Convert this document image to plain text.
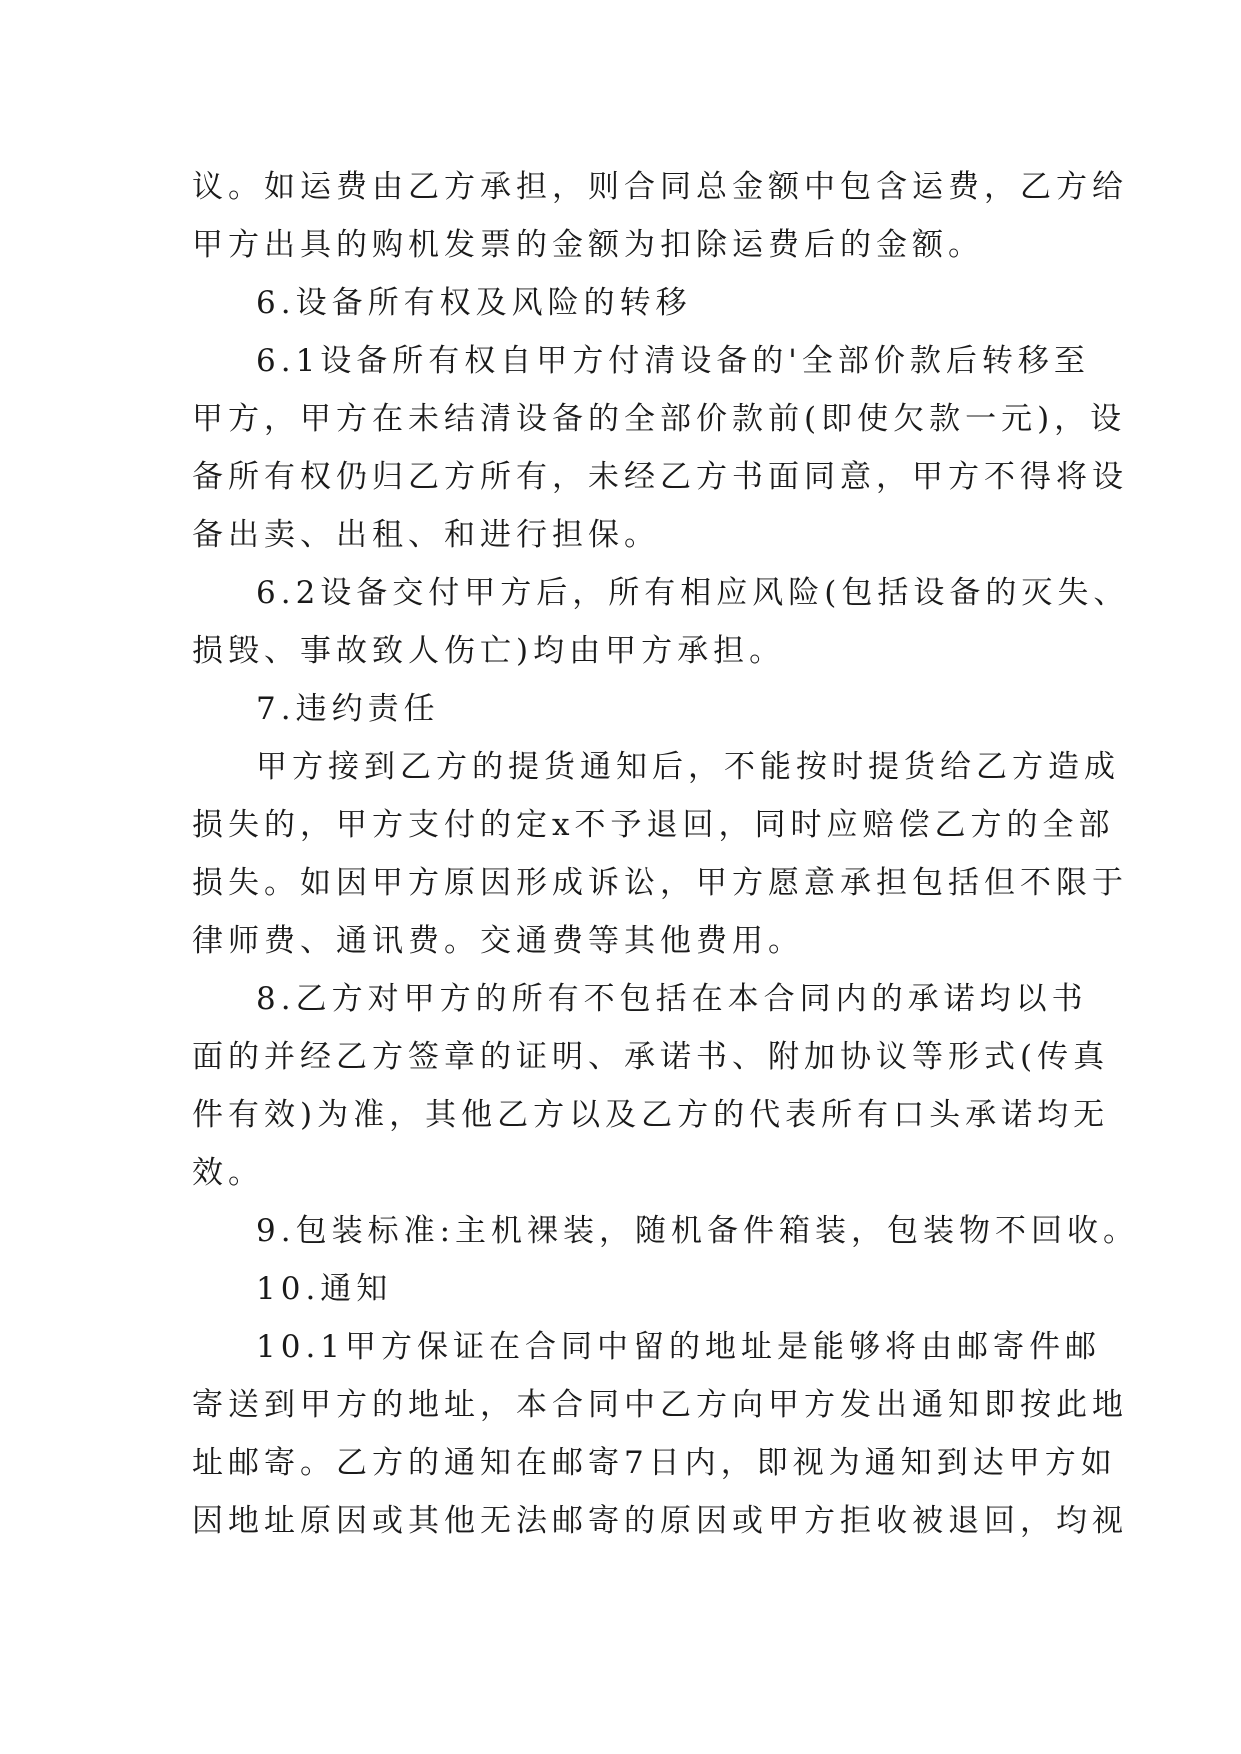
议。如运费由乙方承担，则合同总金额中包含运费，乙方给
甲方出具的购机发票的金额为扣除运费后的金额。
6.设备所有权及风险的转移
6.1设备所有权自甲方付清设备的'全部价款后转移至
甲方，甲方在未结清设备的全部价款前(即使欠款一元)，设
备所有权仍归乙方所有，未经乙方书面同意，甲方不得将设
备出卖、出租、和进行担保。
6.2设备交付甲方后，所有相应风险(包括设备的灭失、
损毁、事故致人伤亡)均由甲方承担。
7.违约责任
甲方接到乙方的提货通知后，不能按时提货给乙方造成
损失的，甲方支付的定x不予退回，同时应赔偿乙方的全部
损失。如因甲方原因形成诉讼，甲方愿意承担包括但不限于
律师费、通讯费。交通费等其他费用。
8.乙方对甲方的所有不包括在本合同内的承诺均以书
面的并经乙方签章的证明、承诺书、附加协议等形式(传真
件有效)为准，其他乙方以及乙方的代表所有口头承诺均无
效。
9.包装标准:主机裸装，随机备件箱装，包装物不回收。
10.通知
10.1甲方保证在合同中留的地址是能够将由邮寄件邮
寄送到甲方的地址，本合同中乙方向甲方发出通知即按此地
址邮寄。乙方的通知在邮寄7日内，即视为通知到达甲方如
因地址原因或其他无法邮寄的原因或甲方拒收被退回，均视
